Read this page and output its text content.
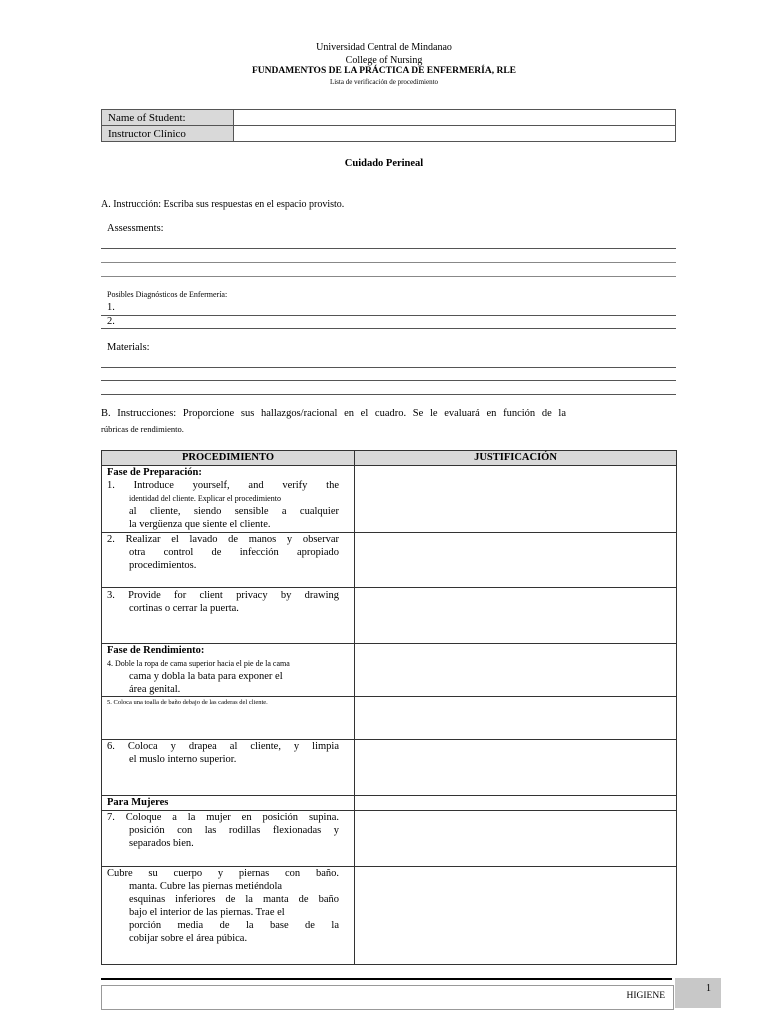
Universidad Central de Mindanao
College of Nursing
FUNDAMENTOS DE LA PRÁCTICA DE ENFERMERÍA, RLE
Lista de verificación de procedimiento
Name of Student:	
Instructor Clínico	
Cuidado Perineal
A. Instrucción: Escriba sus respuestas en el espacio provisto.
Assessments:
Posibles Diagnósticos de Enfermería:
1.
2.
Materials:
B. Instrucciones: Proporcione sus hallazgos/racional en el cuadro. Se le evaluará en función de la
rúbricas de rendimiento.
PROCEDIMIENTO	JUSTIFICACIÓN
Fase de Preparación:
1. Introduce yourself, and verify the
identidad del cliente. Explicar el procedimiento
al cliente, siendo sensible a cualquier
la vergüenza que siente el cliente.
2. Realizar el lavado de manos y observar
otra control de infección apropiado
procedimientos.
3. Provide for client privacy by drawing
cortinas o cerrar la puerta.
Fase de Rendimiento:
4. Doble la ropa de cama superior hacia el pie de la cama
cama y dobla la bata para exponer el
área genital.
5. Coloca una toalla de baño debajo de las caderas del cliente.
6. Coloca y drapea al cliente, y limpia
el muslo interno superior.
Para Mujeres
7. Coloque a la mujer en posición supina.
posición con las rodillas flexionadas y
separados bien.
Cubre su cuerpo y piernas con baño.
manta. Cubre las piernas metiéndola
esquinas inferiores de la manta de baño
bajo el interior de las piernas. Trae el
porción media de la base de la
cobijar sobre el área púbica.
HIGIENE
1
